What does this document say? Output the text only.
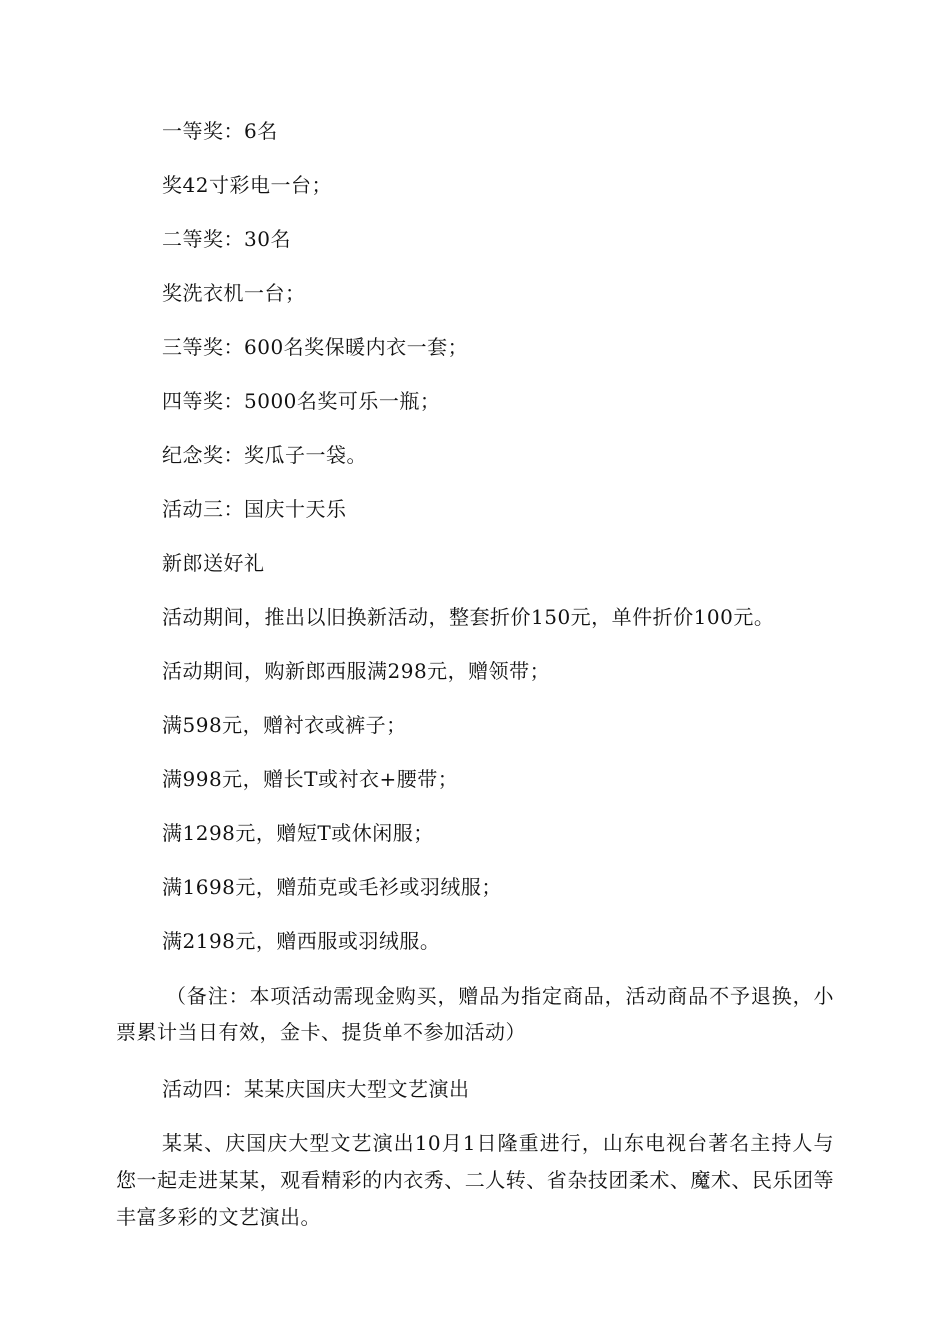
一等奖：6名
奖42寸彩电一台；
二等奖：30名
奖洗衣机一台；
三等奖：600名奖保暖内衣一套；
四等奖：5000名奖可乐一瓶；
纪念奖：奖瓜子一袋。
活动三：国庆十天乐
新郎送好礼
活动期间，推出以旧换新活动，整套折价150元，单件折价100元。
活动期间，购新郎西服满298元，赠领带；
满598元，赠衬衣或裤子；
满998元，赠长T或衬衣+腰带；
满1298元，赠短T或休闲服；
满1698元，赠茄克或毛衫或羽绒服；
满2198元，赠西服或羽绒服。
（备注：本项活动需现金购买，赠品为指定商品，活动商品不予退换，小票累计当日有效，金卡、提货单不参加活动）
活动四：某某庆国庆大型文艺演出
某某、庆国庆大型文艺演出10月1日隆重进行，山东电视台著名主持人与您一起走进某某，观看精彩的内衣秀、二人转、省杂技团柔术、魔术、民乐团等丰富多彩的文艺演出。
